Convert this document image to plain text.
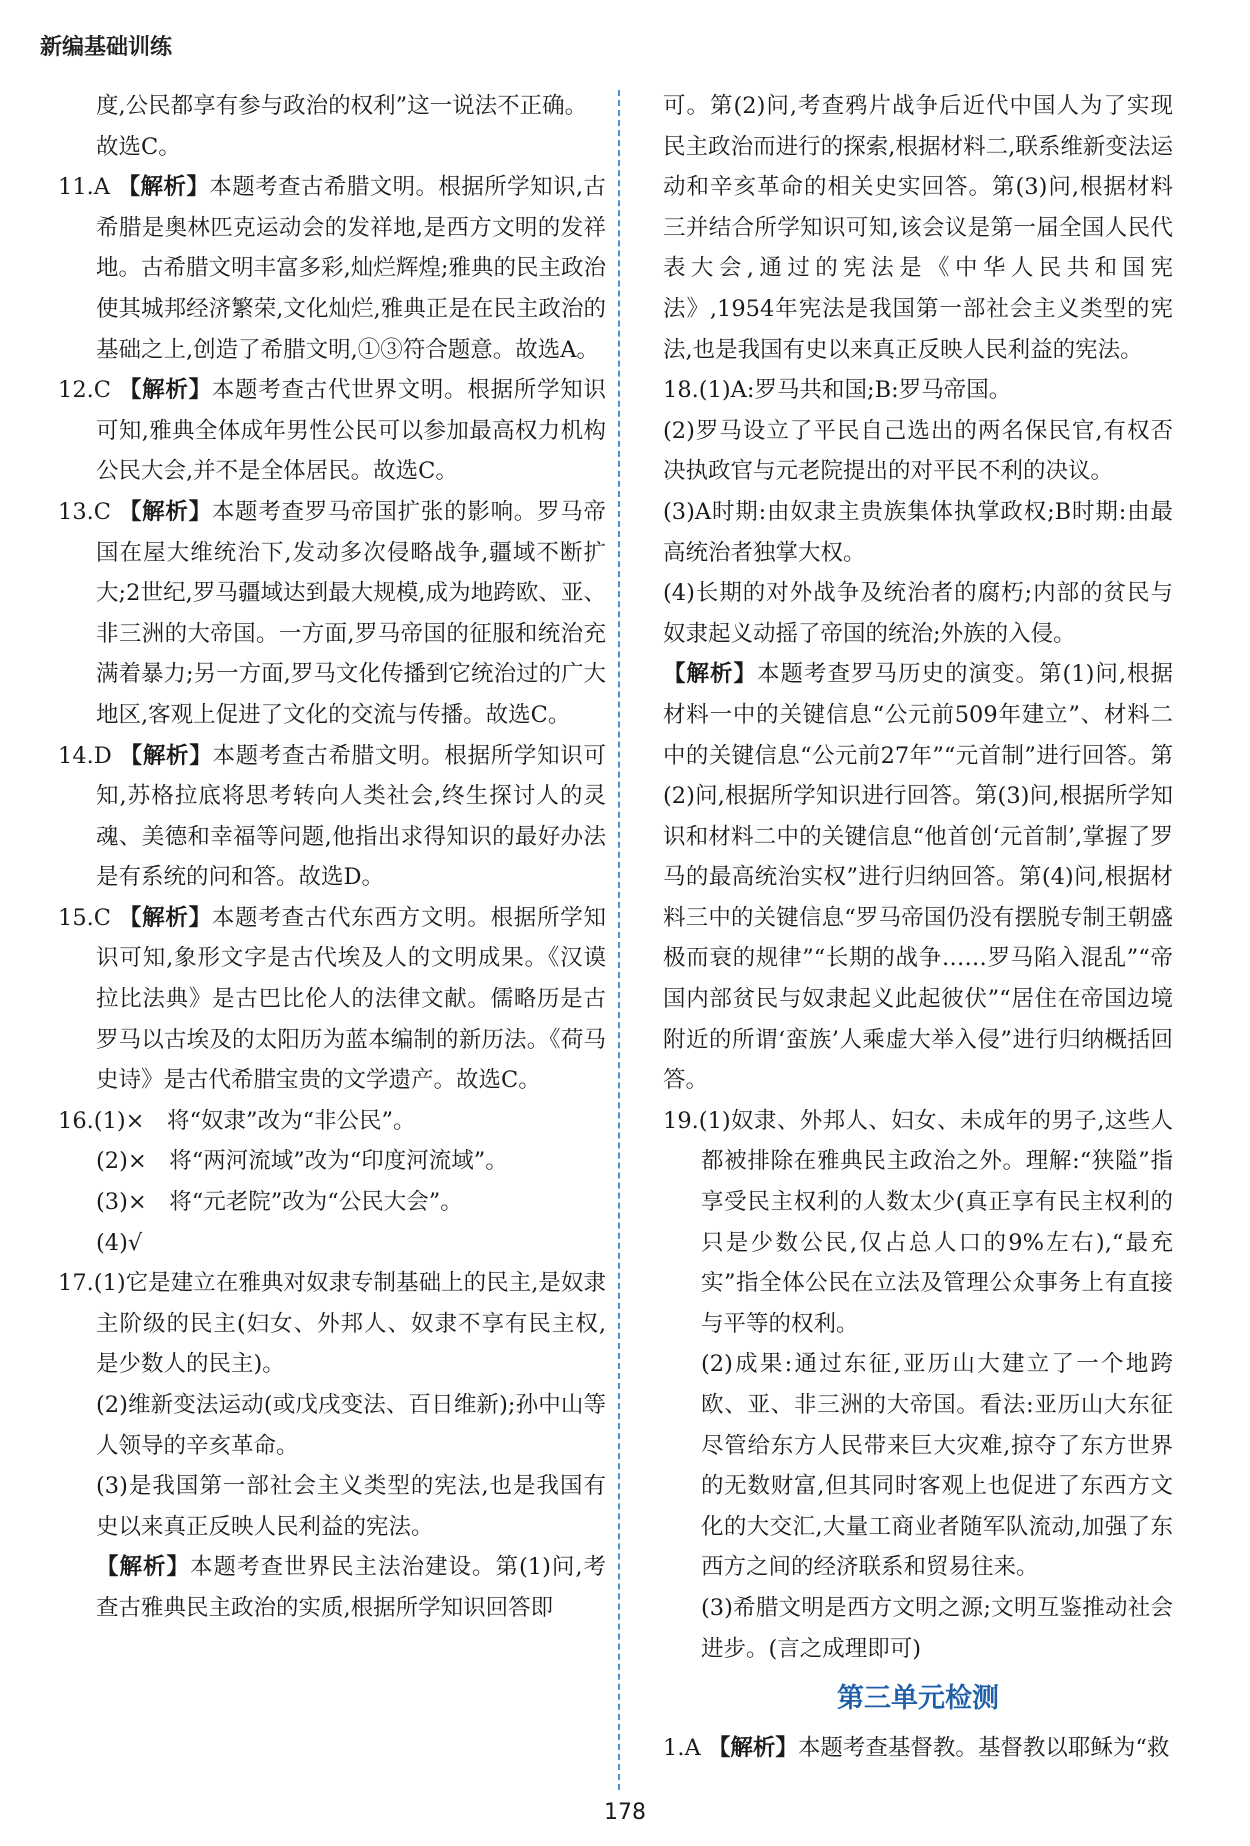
新编基础训练

度,公民都享有参与政治的权利”这一说法不正确。

故选C。

11.A 【解析】本题考查古希腊文明。根据所学知识,古希腊是奥林匹克运动会的发祥地,是西方文明的发祥地。古希腊文明丰富多彩,灿烂辉煌;雅典的民主政治使其城邦经济繁荣,文化灿烂,雅典正是在民主政治的基础之上,创造了希腊文明,①③符合题意。故选A。

12.C 【解析】本题考查古代世界文明。根据所学知识可知,雅典全体成年男性公民可以参加最高权力机构公民大会,并不是全体居民。故选C。

13.C 【解析】本题考查罗马帝国扩张的影响。罗马帝国在屋大维统治下,发动多次侵略战争,疆域不断扩大;2世纪,罗马疆域达到最大规模,成为地跨欧、亚、非三洲的大帝国。一方面,罗马帝国的征服和统治充满着暴力;另一方面,罗马文化传播到它统治过的广大地区,客观上促进了文化的交流与传播。故选C。

14.D 【解析】本题考查古希腊文明。根据所学知识可知,苏格拉底将思考转向人类社会,终生探讨人的灵魂、美德和幸福等问题,他指出求得知识的最好办法是有系统的问和答。故选D。

15.C 【解析】本题考查古代东西方文明。根据所学知识可知,象形文字是古代埃及人的文明成果。《汉谟拉比法典》是古巴比伦人的法律文献。儒略历是古罗马以古埃及的太阳历为蓝本编制的新历法。《荷马史诗》是古代希腊宝贵的文学遗产。故选C。

16.(1)×　将“奴隶”改为“非公民”。

(2)×　将“两河流域”改为“印度河流域”。

(3)×　将“元老院”改为“公民大会”。

(4)√

17.(1)它是建立在雅典对奴隶专制基础上的民主,是奴隶主阶级的民主(妇女、外邦人、奴隶不享有民主权,是少数人的民主)。

(2)维新变法运动(或戊戌变法、百日维新);孙中山等人领导的辛亥革命。

(3)是我国第一部社会主义类型的宪法,也是我国有史以来真正反映人民利益的宪法。

【解析】本题考查世界民主法治建设。第(1)问,考查古雅典民主政治的实质,根据所学知识回答即

可。第(2)问,考查鸦片战争后近代中国人为了实现民主政治而进行的探索,根据材料二,联系维新变法运动和辛亥革命的相关史实回答。第(3)问,根据材料三并结合所学知识可知,该会议是第一届全国人民代表大会,通过的宪法是《中华人民共和国宪法》,1954年宪法是我国第一部社会主义类型的宪法,也是我国有史以来真正反映人民利益的宪法。

18.(1)A:罗马共和国;B:罗马帝国。

(2)罗马设立了平民自己选出的两名保民官,有权否决执政官与元老院提出的对平民不利的决议。

(3)A时期:由奴隶主贵族集体执掌政权;B时期:由最高统治者独掌大权。

(4)长期的对外战争及统治者的腐朽;内部的贫民与奴隶起义动摇了帝国的统治;外族的入侵。

【解析】本题考查罗马历史的演变。第(1)问,根据材料一中的关键信息“公元前509年建立”、材料二中的关键信息“公元前27年”“元首制”进行回答。第(2)问,根据所学知识进行回答。第(3)问,根据所学知识和材料二中的关键信息“他首创‘元首制’,掌握了罗马的最高统治实权”进行归纳回答。第(4)问,根据材料三中的关键信息“罗马帝国仍没有摆脱专制王朝盛极而衰的规律”“长期的战争……罗马陷入混乱”“帝国内部贫民与奴隶起义此起彼伏”“居住在帝国边境附近的所谓‘蛮族’人乘虚大举入侵”进行归纳概括回答。

19.(1)奴隶、外邦人、妇女、未成年的男子,这些人都被排除在雅典民主政治之外。理解:“狭隘”指享受民主权利的人数太少(真正享有民主权利的只是少数公民,仅占总人口的9%左右),“最充实”指全体公民在立法及管理公众事务上有直接与平等的权利。

(2)成果:通过东征,亚历山大建立了一个地跨欧、亚、非三洲的大帝国。看法:亚历山大东征尽管给东方人民带来巨大灾难,掠夺了东方世界的无数财富,但其同时客观上也促进了东西方文化的大交汇,大量工商业者随军队流动,加强了东西方之间的经济联系和贸易往来。

(3)希腊文明是西方文明之源;文明互鉴推动社会进步。(言之成理即可)

第三单元检测

1.A 【解析】本题考查基督教。基督教以耶稣为“救

178
